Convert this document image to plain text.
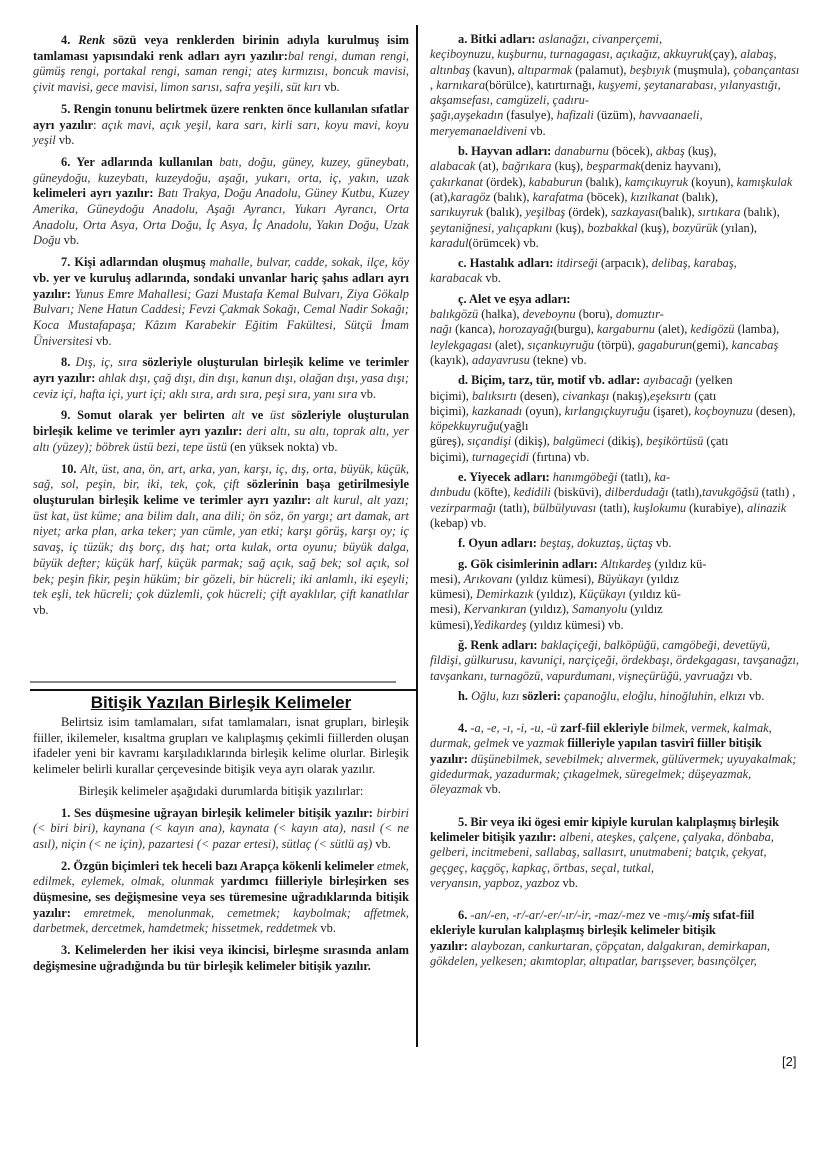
4. Renk sözü veya renklerden birinin adıyla kurulmuş isim tamlaması yapısındaki renk adları ayrı yazılır:bal rengi, duman rengi, gümüş rengi, portakal rengi, saman rengi; ateş kırmızısı, boncuk mavisi, çivit mavisi, gece mavisi, limon sarısı, safra yeşili, süt kırı vb.

5. Rengin tonunu belirtmek üzere renkten önce kullanılan sıfatlar ayrı yazılır: açık mavi, açık yeşil, kara sarı, kirli sarı, koyu mavi, koyu yeşil vb.

6. Yer adlarında kullanılan batı, doğu, güney, kuzey, güneybatı, güneydoğu, kuzeybatı, kuzeydoğu, aşağı, yukarı, orta, iç, yakın, uzak kelimeleri ayrı yazılır: Batı Trakya, Doğu Anadolu, Güney Kutbu, Kuzey Amerika, Güneydoğu Anadolu, Aşağı Ayrancı, Yukarı Ayrancı, Orta Anadolu, Orta Asya, Orta Doğu, İç Asya, İç Anadolu, Yakın Doğu, Uzak Doğu vb.

7. Kişi adlarından oluşmuş mahalle, bulvar, cadde, sokak, ilçe, köy vb. yer ve kuruluş adlarında, sondaki unvanlar hariç şahıs adları ayrı yazılır: Yunus Emre Mahallesi; Gazi Mustafa Kemal Bulvarı, Ziya Gökalp Bulvarı; Nene Hatun Caddesi; Fevzi Çakmak Sokağı, Cemal Nadir Sokağı; Koca Mustafapaşa; Kâzım Karabekir Eğitim Fakültesi, Sütçü İmam Üniversitesi vb.

8. Dış, iç, sıra sözleriyle oluşturulan birleşik kelime ve terimler ayrı yazılır: ahlak dışı, çağ dışı, din dışı, kanun dışı, olağan dışı, yasa dışı; ceviz içi, hafta içi, yurt içi; aklı sıra, ardı sıra, peşi sıra, yanı sıra vb.

9. Somut olarak yer belirten alt ve üst sözleriyle oluşturulan birleşik kelime ve terimler ayrı yazılır: deri altı, su altı, toprak altı, yer altı (yüzey); böbrek üstü bezi, tepe üstü (en yüksek nokta) vb.

10. Alt, üst, ana, ön, art, arka, yan, karşı, iç, dış, orta, büyük, küçük, sağ, sol, peşin, bir, iki, tek, çok, çift sözlerinin başa getirilmesiyle oluşturulan birleşik kelime ve terimler ayrı yazılır: alt kurul, alt yazı; üst kat, üst küme; ana bilim dalı, ana dili; ön söz, ön yargı; art damak, art niyet; arka plan, arka teker; yan cümle, yan etki; karşı görüş, karşı oy; iç savaş, iç tüzük; dış borç, dış hat; orta kulak, orta oyunu; büyük dalga, büyük defter; küçük harf, küçük parmak; sağ açık, sağ bek; sol açık, sol bek; peşin fikir, peşin hüküm; bir gözeli, bir hücreli; iki anlamlı, iki eşeyli; tek eşli, tek hücreli; çok düzlemli, çok hücreli; çift ayaklılar, çift kanatlılar vb.

Bitişik Yazılan Birleşik Kelimeler

Belirtsiz isim tamlamaları, sıfat tamlamaları, isnat grupları, birleşik fiiller, ikilemeler, kısaltma grupları ve kalıplaşmış çekimli fiillerden oluşan ifadeler yeni bir kavramı karşıladıklarında birleşik kelime olurlar. Birleşik kelimeler belirli kurallar çerçevesinde bitişik veya ayrı olarak yazılır.

Birleşik kelimeler aşağıdaki durumlarda bitişik yazılırlar:

1. Ses düşmesine uğrayan birleşik kelimeler bitişik yazılır: birbiri (< biri biri), kaynana (< kayın ana), kaynata (< kayın ata), nasıl (< ne asıl), niçin (< ne için), pazartesi (< pazar ertesi), sütlaç (< sütlü aş) vb.

2. Özgün biçimleri tek heceli bazı Arapça kökenli kelimeler etmek, edilmek, eylemek, olmak, olunmak yardımcı fiilleriyle birleşirken ses düşmesine, ses değişmesine veya ses türemesine uğradıklarında bitişik yazılır: emretmek, menolunmak, cemetmek; kaybolmak; affetmek, darbetmek, dercetmek, hamdetmek; hissetmek, reddetmek vb.

3. Kelimelerden her ikisi veya ikincisi, birleşme sırasında anlam değişmesine uğradığında bu tür birleşik kelimeler bitişik yazılır.

a. Bitki adları: aslanağzı, civanperçemi,
keçiboynuzu, kuşburnu, turnagagası, açıkağız, akkuyruk(çay), alabaş, altınbaş (kavun), altıparmak (palamut), beşbıyık (muşmula), çobançantası , karnıkara(börülce), katırtırnağı, kuşyemi, şeytanarabası, yılanyastığı,
akşamsefası, camgüzeli, çadıru-
şağı,ayşekadın (fasulye), hafizali (üzüm), havvaanaeli, meryemanaeldiveni vb.

b. Hayvan adları: danaburnu (böcek), akbaş (kuş),
alabacak (at), bağrıkara (kuş), beşparmak(deniz hayvanı),
çakırkanat (ördek), kababurun (balık), kamçıkuyruk (koyun), kamışkulak (at),karagöz (balık), karafatma (böcek), kızılkanat (balık),
sarıkuyruk (balık), yeşilbaş (ördek), sazkayası(balık), sırtıkara (balık),
şeytaniğnesi, yalıçapkını (kuş), bozbakkal (kuş), bozyürük (yılan), karadul(örümcek) vb.

c. Hastalık adları: itdirseği (arpacık), delibaş, karabaş,
karabacak vb.

ç. Alet ve eşya adları:
balıkgözü (halka), deveboynu (boru), domuztır-
nağı (kanca), horozayağı(burgu), kargaburnu (alet), kedigözü (lamba), leylekgagası (alet), sıçankuyruğu (törpü), gagaburun(gemi), kancabaş (kayık), adayavrusu (tekne) vb.

d. Biçim, tarz, tür, motif vb. adlar: ayıbacağı (yelken
biçimi), balıksırtı (desen), civankaşı (nakış),eşeksırtı (çatı
biçimi), kazkanadı (oyun), kırlangıçkuyruğu (işaret), koçboynuzu (desen), köpekkuyruğu(yağlı
güreş), sıçandişi (dikiş), balgümeci (dikiş), beşikörtüsü (çatı
biçimi), turnageçidi (fırtına) vb.

e. Yiyecek adları: hanımgöbeği (tatlı), ka-
dınbudu (köfte), kedidili (bisküvi), dilberdudağı (tatlı),tavukgöğsü (tatlı) , vezirparmağı (tatlı), bülbülyuvası (tatlı), kuşlokumu (kurabiye), alinazik (kebap) vb.

f. Oyun adları: beştaş, dokuztaş, üçtaş vb.

g. Gök cisimlerinin adları: Altıkardeş (yıldız kü-
mesi), Arıkovanı (yıldız kümesi), Büyükayı (yıldız
kümesi), Demirkazık (yıldız), Küçükayı (yıldız kü-
mesi), Kervankıran (yıldız), Samanyolu (yıldız
kümesi),Yedikardeş (yıldız kümesi) vb.

ğ. Renk adları: baklaçiçeği, balköpüğü, camgöbeği, devetüyü, fildişi, gülkurusu, kavuniçi, narçiçeği, ördekbaşı, ördekgagası, tavşanağzı, tavşankanı, turnagözü, vapurdumanı, vişneçürüğü, yavruağzı vb.

h. Oğlu, kızı sözleri: çapanoğlu, eloğlu, hinoğluhin, elkızı vb.

4. -a, -e, -ı, -i, -u, -ü zarf-fiil ekleriyle bilmek, vermek, kalmak, durmak, gelmek ve yazmak fiilleriyle yapılan tasvirî fiiller bitişik yazılır: düşünebilmek, sevebilmek; alıvermek, gülüvermek; uyuyakalmak; gidedurmak, yazadurmak; çıkagelmek, süregelmek; düşeyazmak, öleyazmak vb.

5. Bir veya iki ögesi emir kipiyle kurulan kalıplaşmış birleşik kelimeler bitişik yazılır: albeni, ateşkes, çalçene, çalyaka, dönbaba, gelberi, incitmebeni, sallabaş, sallasırt, unutmabeni; batçık, çekyat, geçgeç, kaçgöç, kapkaç, örtbas, seçal, tutkal,
veryansın, yapboz, yazboz vb.

6. -an/-en, -r/-ar/-er/-ır/-ir, -maz/-mez ve -mış/-miş sıfat-fiil
ekleriyle kurulan kalıplaşmış birleşik kelimeler bitişik
yazılır: alaybozan, cankurtaran, çöpçatan, dalgakıran, demirkapan, gökdelen, yelkesen; akımtoplar, altıpatlar, barışsever, basınçölçer,

[2]
